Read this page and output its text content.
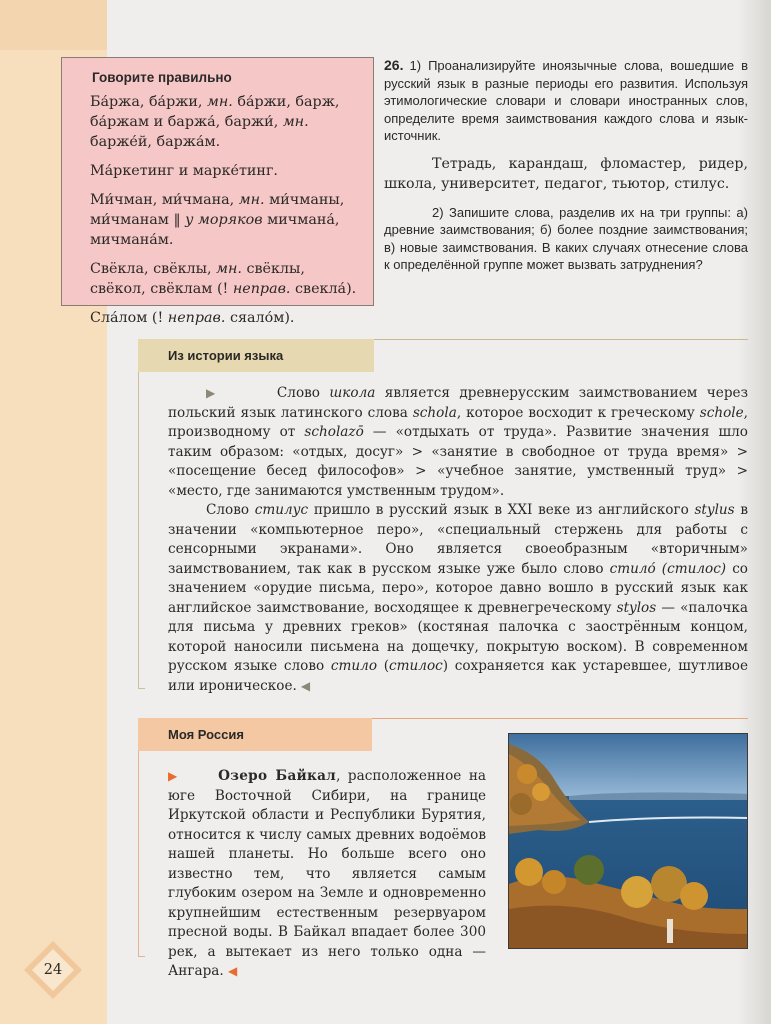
Говорите правильно

Ба́ржа, ба́ржи, мн. ба́ржи, барж, ба́ржам и баржа́, баржи́, мн. барже́й, баржа́м.

Ма́ркетинг и марке́тинг.

Ми́чман, ми́чмана, мн. ми́чманы, ми́чманам ‖ у моряков мичмана́, мичмана́м.

Свёкла, свёклы, мн. свёклы, свёкол, свёклам (! неправ. свекла́).

Сла́лом (! неправ. сяало́м).

26. 1) Проанализируйте иноязычные слова, вошедшие в русский язык в разные периоды его развития. Используя этимологические словари и словари иностранных слов, определите время заимствования каждого слова и язык-источник.

Тетрадь, карандаш, фломастер, ридер, школа, университет, педагог, тьютор, стилус.

2) Запишите слова, разделив их на три группы: а) древние заимствования; б) более поздние заимствования; в) новые заимствования. В каких случаях отнесение слова к определённой группе может вызвать затруднения?

Из истории языка

▶	Слово школа является древнерусским заимствованием через польский язык латинского слова schola, которое восходит к греческому scholе, производному от scholazō — «отдыхать от труда». Развитие значения шло таким образом: «отдых, досуг» > «занятие в свободное от труда время» > «посещение бесед философов» > «учебное занятие, умственный труд» > «место, где занимаются умственным трудом».

Слово стилус пришло в русский язык в XXI веке из английского stylus в значении «компьютерное перо», «специальный стержень для работы с сенсорными экранами». Оно является своеобразным «вторичным» заимствованием, так как в русском языке уже было слово стило́ (стилос) со значением «орудие письма, перо», которое давно вошло в русский язык как английское заимствование, восходящее к древнегреческому stylos — «палочка для письма у древних греков» (костяная палочка с заострённым концом, которой наносили письмена на дощечку, покрытую воском). В современном русском языке слово стило (стилос) сохраняется как устаревшее, шутливое или ироническое. ◀

Моя Россия

▶	Озеро Байкал, расположенное на юге Восточной Сибири, на границе Иркутской области и Республики Бурятия, относится к числу самых древних водоёмов нашей планеты. Но больше всего оно известно тем, что является самым глубоким озером на Земле и одновременно крупнейшим естественным резервуаром пресной воды. В Байкал впадает более 300 рек, а вытекает из него только одна — Ангара. ◀

24
